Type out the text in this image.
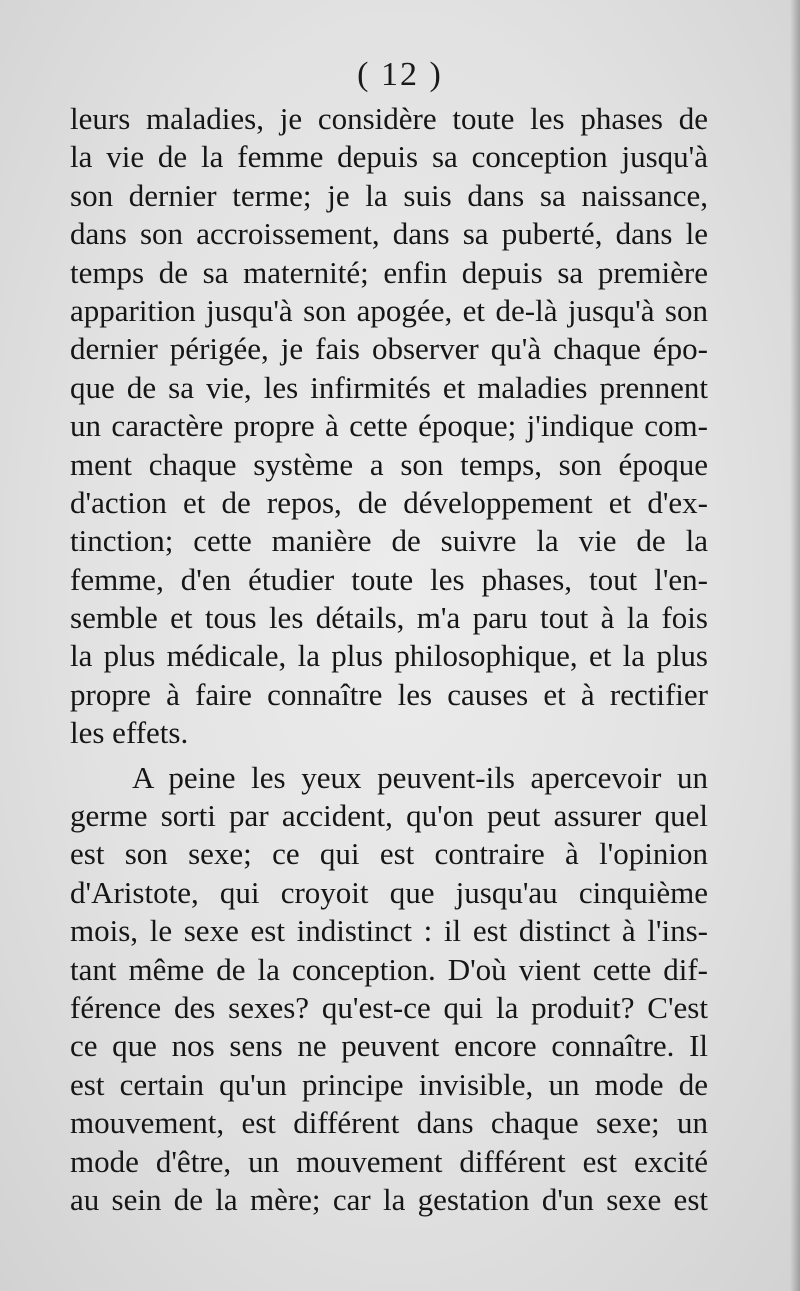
( 12 )
leurs maladies, je considère toute les phases de
la vie de la femme depuis sa conception jusqu'à
son dernier terme; je la suis dans sa naissance,
dans son accroissement, dans sa puberté, dans le
temps de sa maternité; enfin depuis sa première
apparition jusqu'à son apogée, et de-là jusqu'à son
dernier périgée, je fais observer qu'à chaque épo-
que de sa vie, les infirmités et maladies prennent
un caractère propre à cette époque; j'indique com-
ment chaque système a son temps, son époque
d'action et de repos, de développement et d'ex-
tinction; cette manière de suivre la vie de la
femme, d'en étudier toute les phases, tout l'en-
semble et tous les détails, m'a paru tout à la fois
la plus médicale, la plus philosophique, et la plus
propre à faire connaître les causes et à rectifier
les effets.
A peine les yeux peuvent-ils apercevoir un
germe sorti par accident, qu'on peut assurer quel
est son sexe; ce qui est contraire à l'opinion
d'Aristote, qui croyoit que jusqu'au cinquième
mois, le sexe est indistinct : il est distinct à l'ins-
tant même de la conception. D'où vient cette dif-
férence des sexes? qu'est-ce qui la produit? C'est
ce que nos sens ne peuvent encore connaître. Il
est certain qu'un principe invisible, un mode de
mouvement, est différent dans chaque sexe; un
mode d'être, un mouvement différent est excité
au sein de la mère; car la gestation d'un sexe est
